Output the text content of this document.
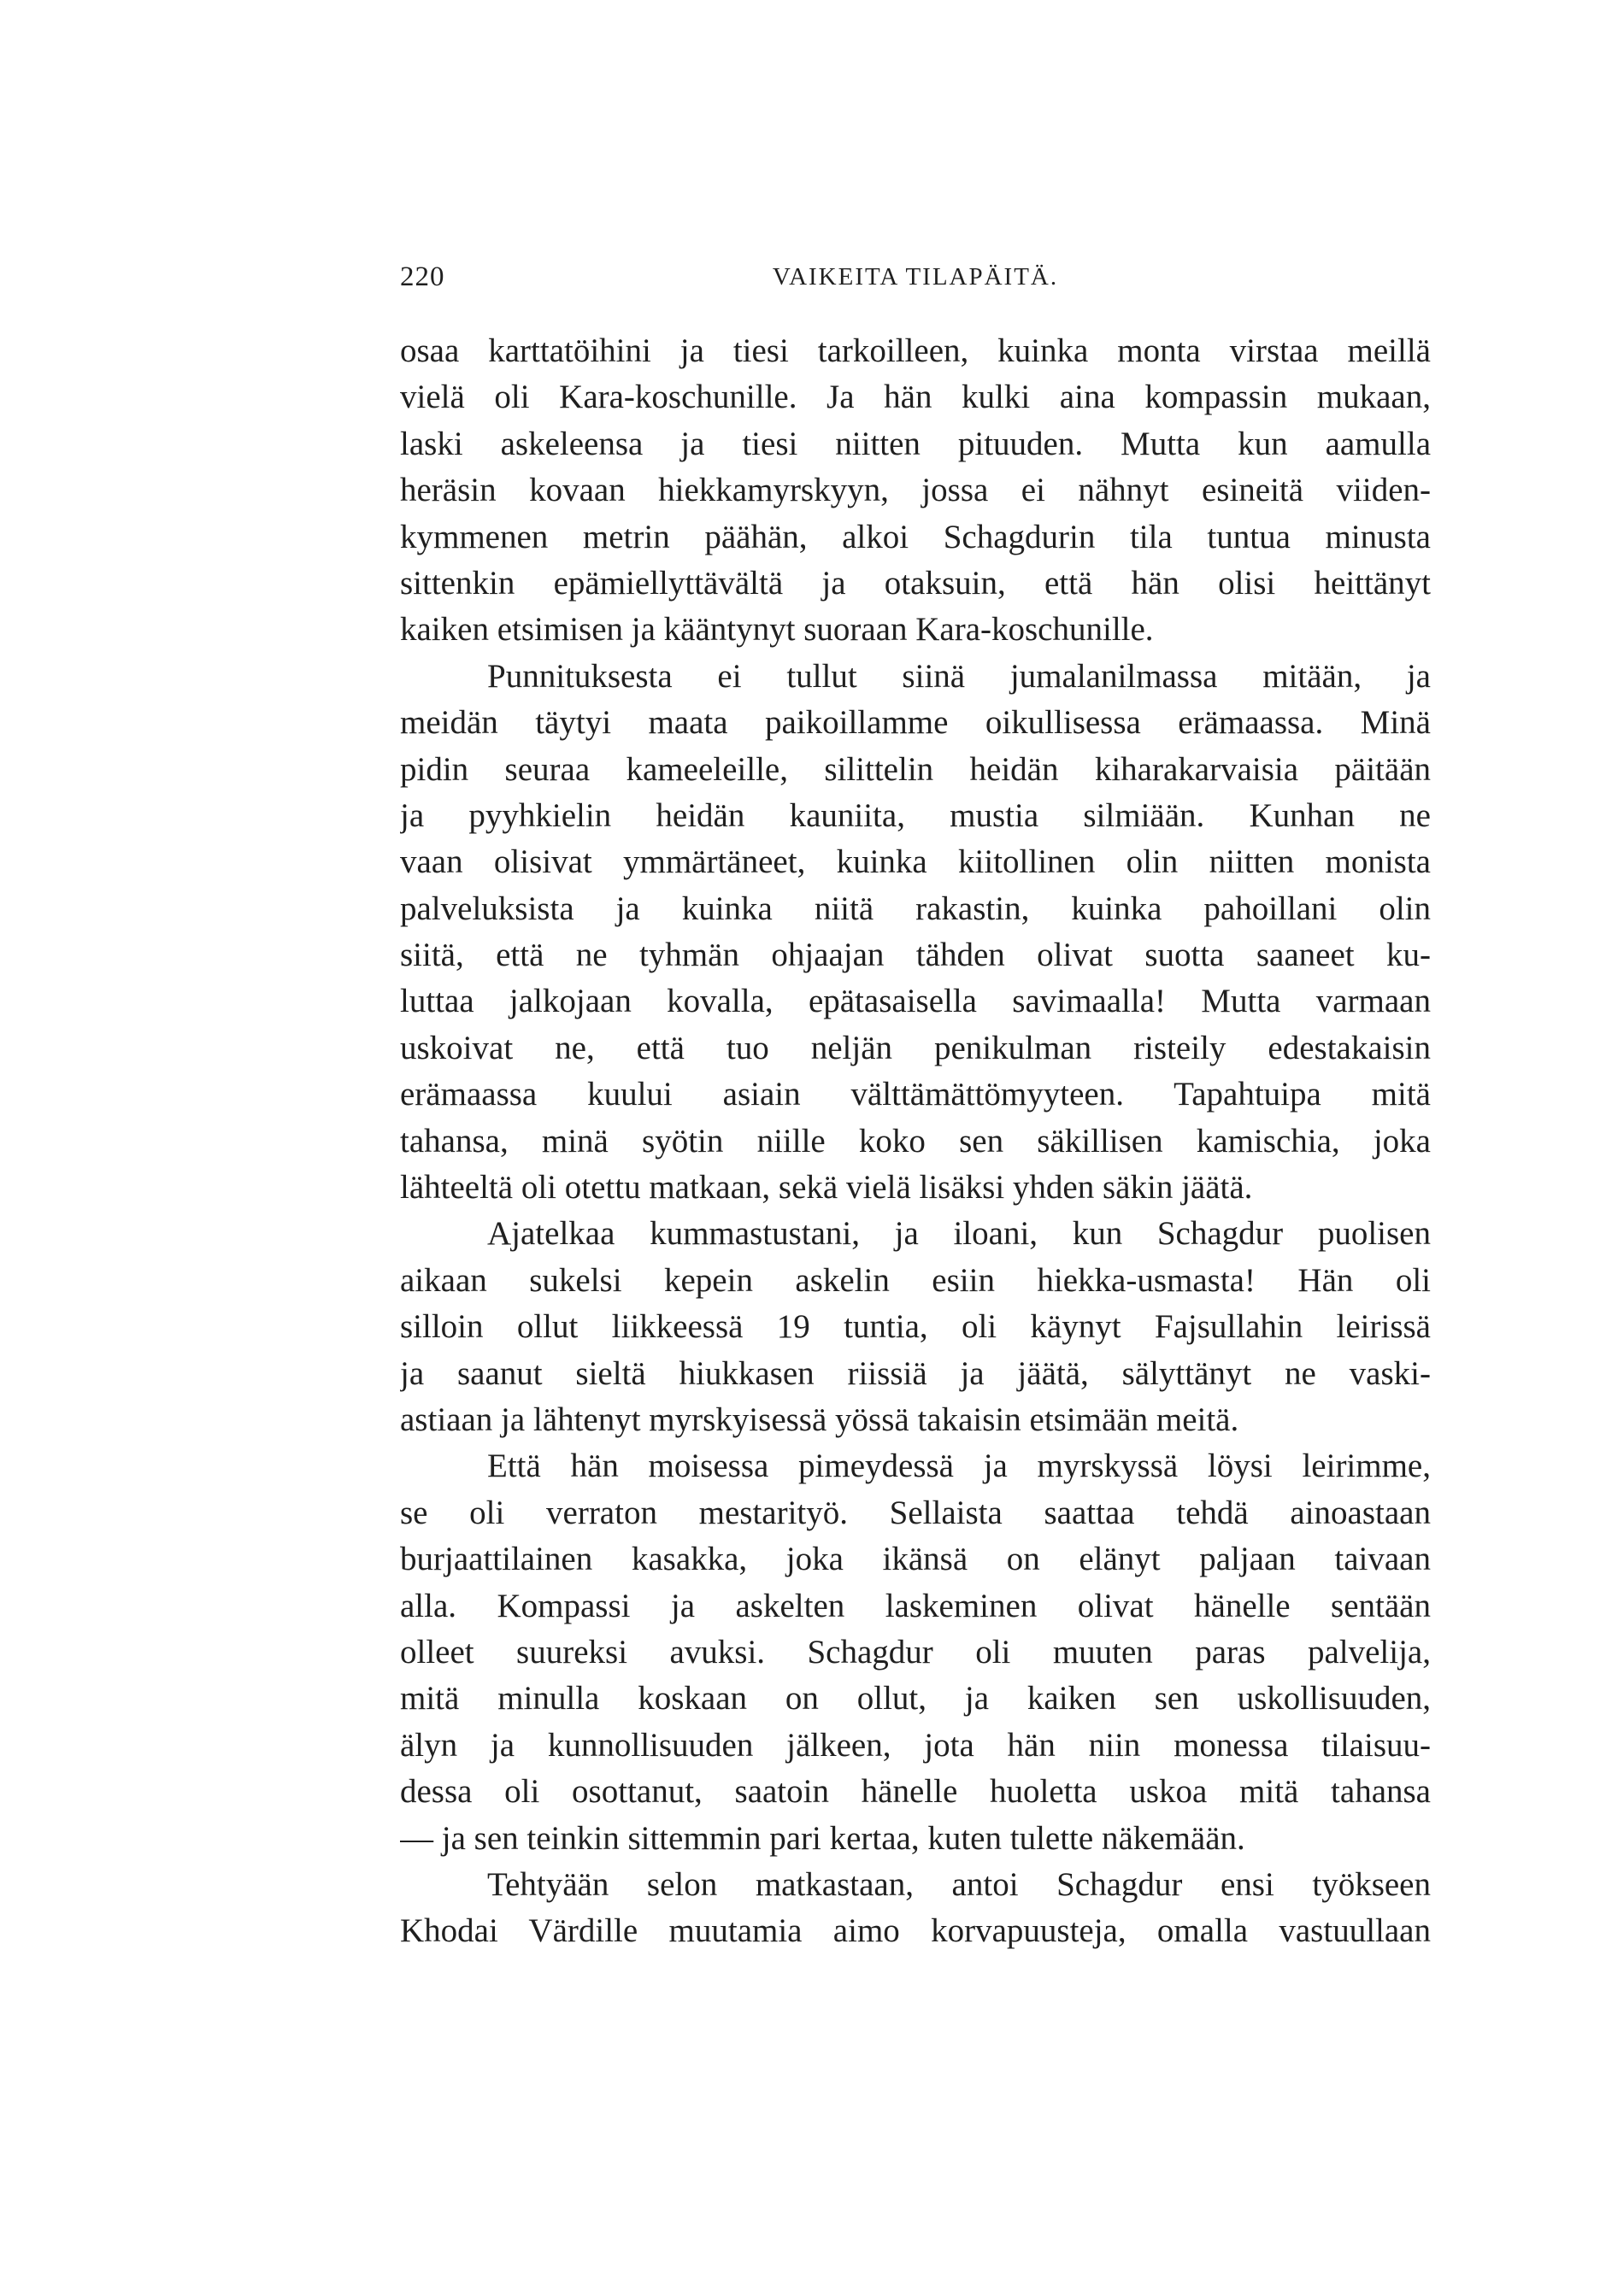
220	VAIKEITA TILAPÄITÄ.
osaa karttatöihini ja tiesi tarkoilleen, kuinka monta virstaa meillä
vielä oli Kara-koschunille. Ja hän kulki aina kompassin mukaan,
laski askeleensa ja tiesi niitten pituuden. Mutta kun aamulla
heräsin kovaan hiekkamyrskyyn, jossa ei nähnyt esineitä viiden-
kymmenen metrin päähän, alkoi Schagdurin tila tuntua minusta
sittenkin epämiellyttävältä ja otaksuin, että hän olisi heittänyt
kaiken etsimisen ja kääntynyt suoraan Kara-koschunille.
Punnituksesta ei tullut siinä jumalanilmassa mitään, ja
meidän täytyi maata paikoillamme oikullisessa erämaassa. Minä
pidin seuraa kameeleille, silittelin heidän kiharakarvaisia päitään
ja pyyhkielin heidän kauniita, mustia silmiään. Kunhan ne
vaan olisivat ymmärtäneet, kuinka kiitollinen olin niitten monista
palveluksista ja kuinka niitä rakastin, kuinka pahoillani olin
siitä, että ne tyhmän ohjaajan tähden olivat suotta saaneet ku-
luttaa jalkojaan kovalla, epätasaisella savimaalla! Mutta varmaan
uskoivat ne, että tuo neljän penikulman risteily edestakaisin
erämaassa kuului asiain välttämättömyyteen. Tapahtuipa mitä
tahansa, minä syötin niille koko sen säkillisen kamischia, joka
lähteeltä oli otettu matkaan, sekä vielä lisäksi yhden säkin jäätä.
Ajatelkaa kummastustani, ja iloani, kun Schagdur puolisen
aikaan sukelsi kepein askelin esiin hiekka-usmasta! Hän oli
silloin ollut liikkeessä 19 tuntia, oli käynyt Fajsullahin leirissä
ja saanut sieltä hiukkasen riissiä ja jäätä, sälyttänyt ne vaski-
astiaan ja lähtenyt myrskyisessä yössä takaisin etsimään meitä.
Että hän moisessa pimeydessä ja myrskyssä löysi leirimme,
se oli verraton mestarityö. Sellaista saattaa tehdä ainoastaan
burjaattilainen kasakka, joka ikänsä on elänyt paljaan taivaan
alla. Kompassi ja askelten laskeminen olivat hänelle sentään
olleet suureksi avuksi. Schagdur oli muuten paras palvelija,
mitä minulla koskaan on ollut, ja kaiken sen uskollisuuden,
älyn ja kunnollisuuden jälkeen, jota hän niin monessa tilaisuu-
dessa oli osottanut, saatoin hänelle huoletta uskoa mitä tahansa
— ja sen teinkin sittemmin pari kertaa, kuten tulette näkemään.
Tehtyään selon matkastaan, antoi Schagdur ensi työkseen
Khodai Värdille muutamia aimo korvapuusteja, omalla vastuullaan
